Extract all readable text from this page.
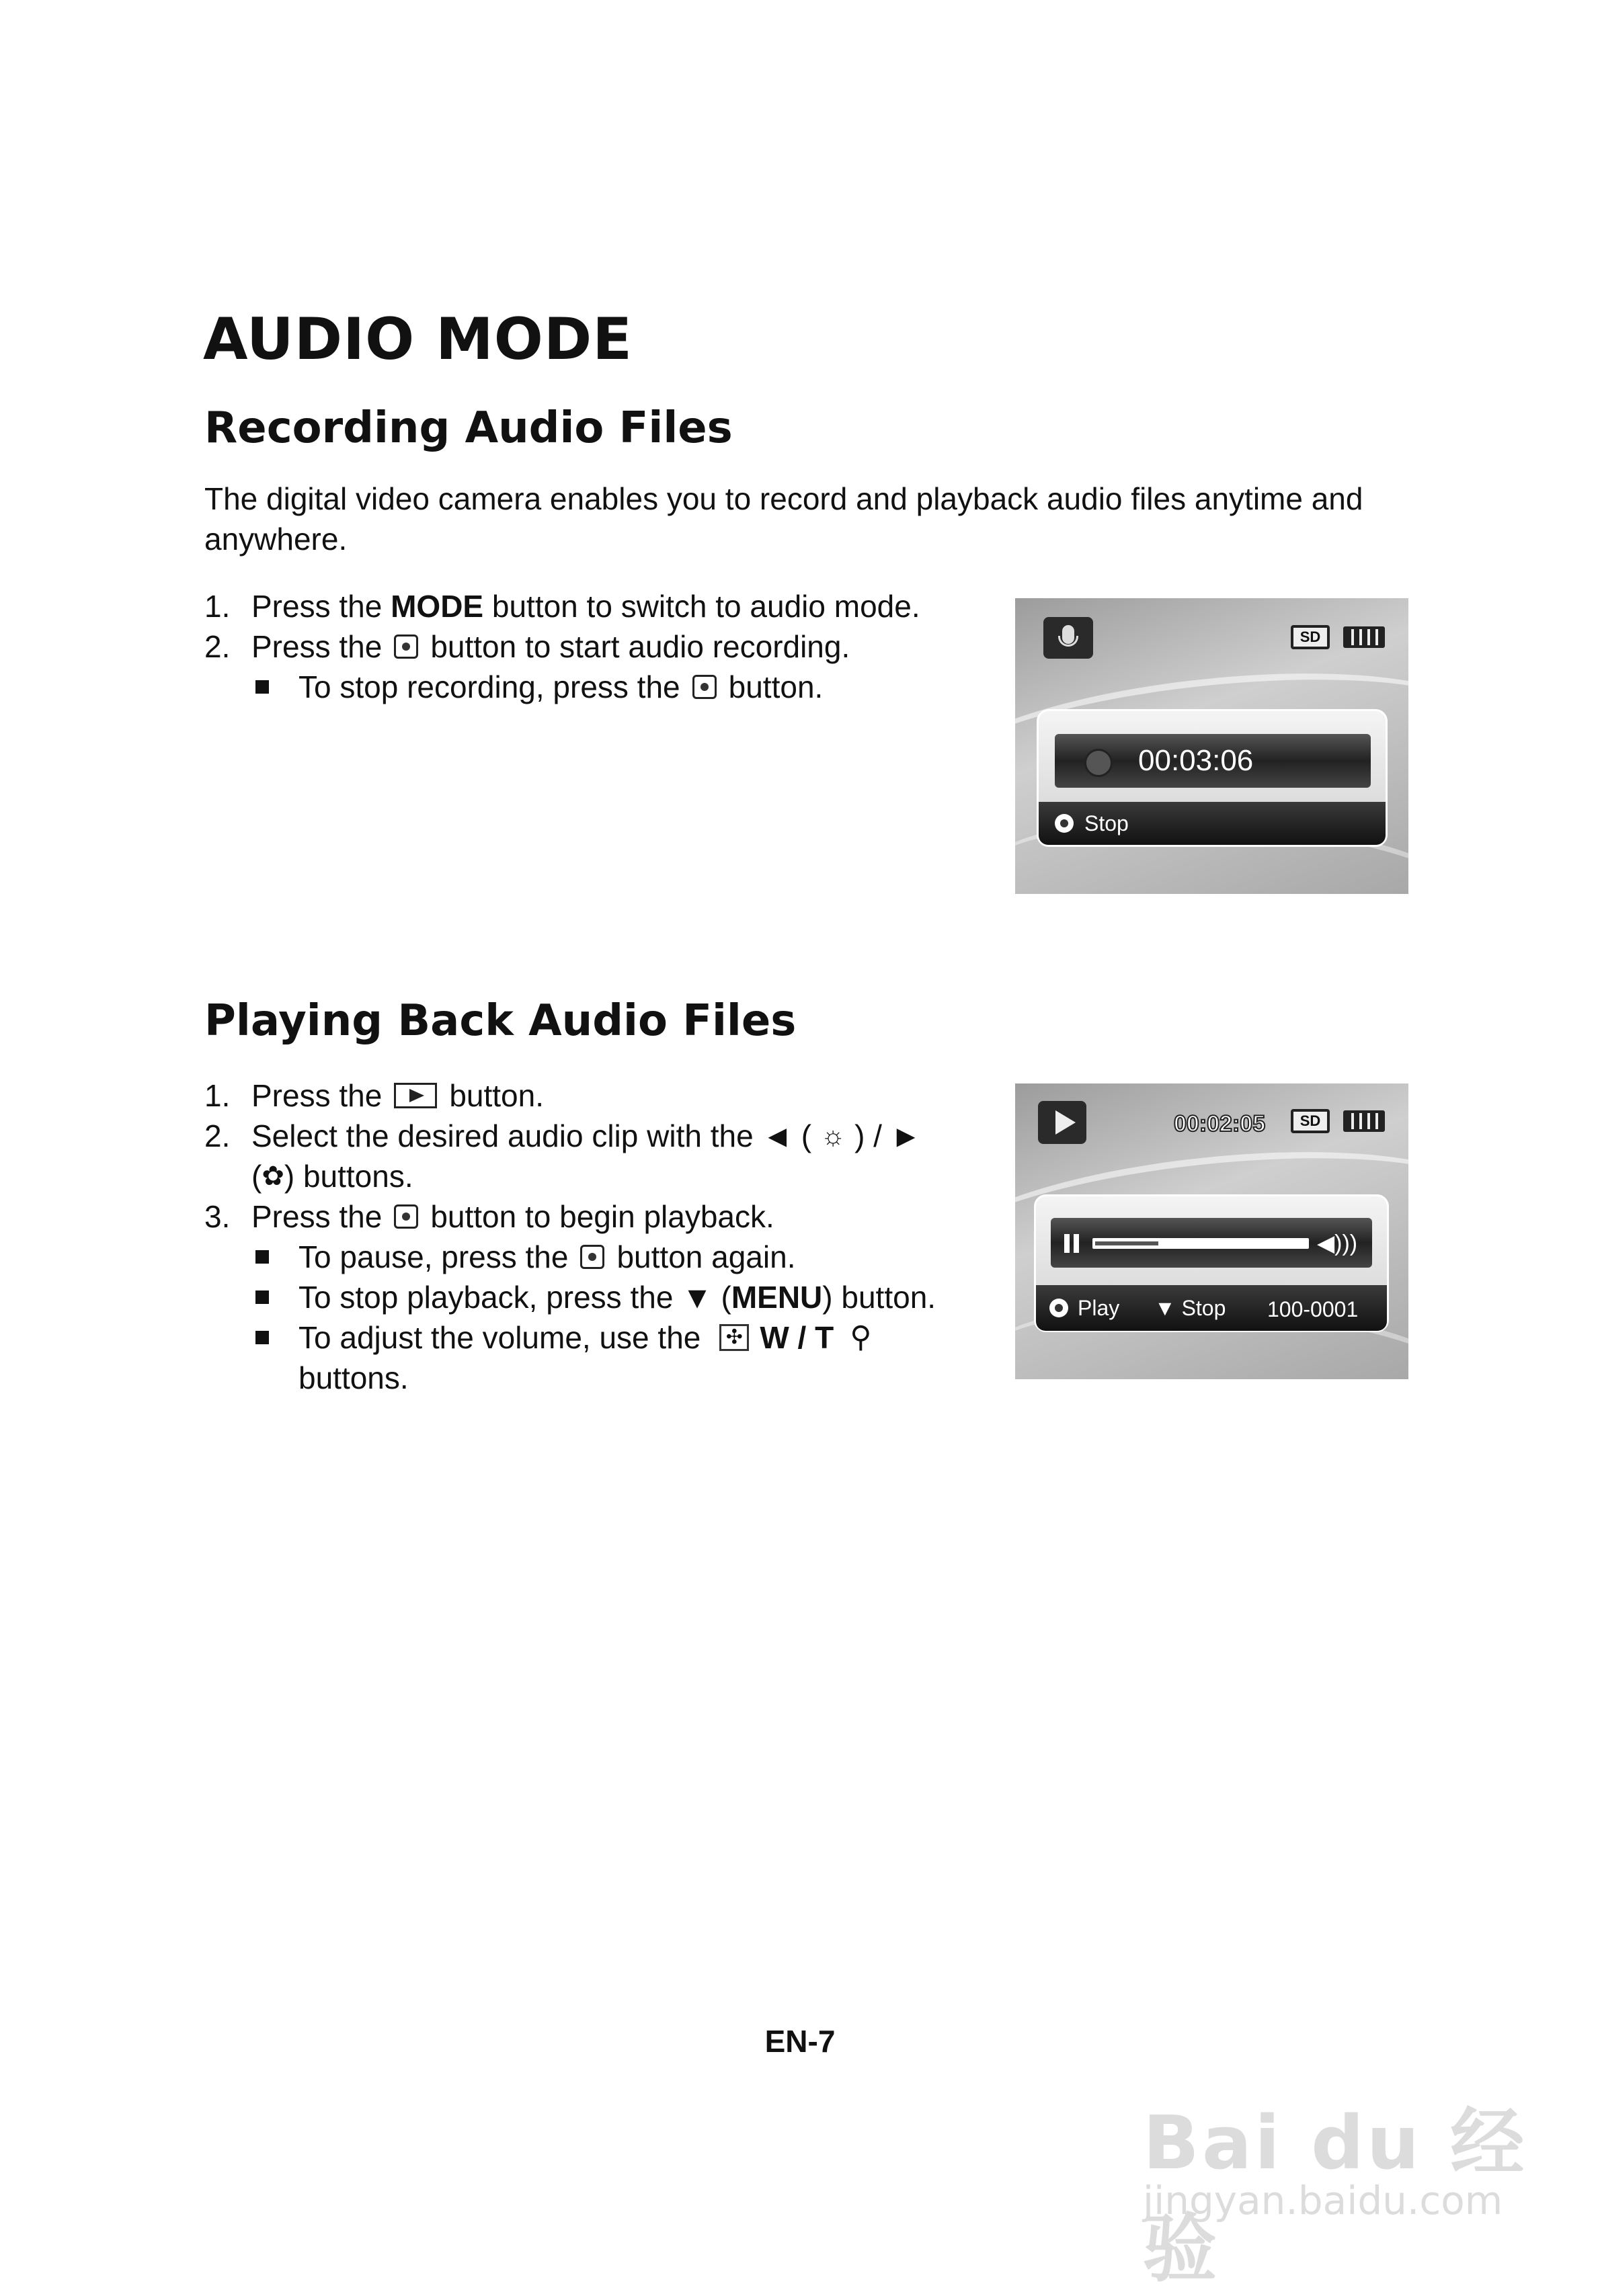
AUDIO MODE
Recording Audio Files
The digital video camera enables you to record and playback audio files anytime and anywhere.
1. Press the MODE button to switch to audio mode.
2. Press the button to start audio recording.
To stop recording, press the button.
SD
00:03:06
Stop
Playing Back Audio Files
1. Press the button.
2. Select the desired audio clip with the ◄ ( ☼ ) / ►
(✿) buttons.
3. Press the button to begin playback.
To pause, press the button again.
To stop playback, press the ▼ (MENU) button.
To adjust the volume, use the ✣ W / T ⚲
buttons.
00:02:05	SD
◀)))
Play ▼ Stop 100-0001
EN-7
Bai du 经验
jingyan.baidu.com
